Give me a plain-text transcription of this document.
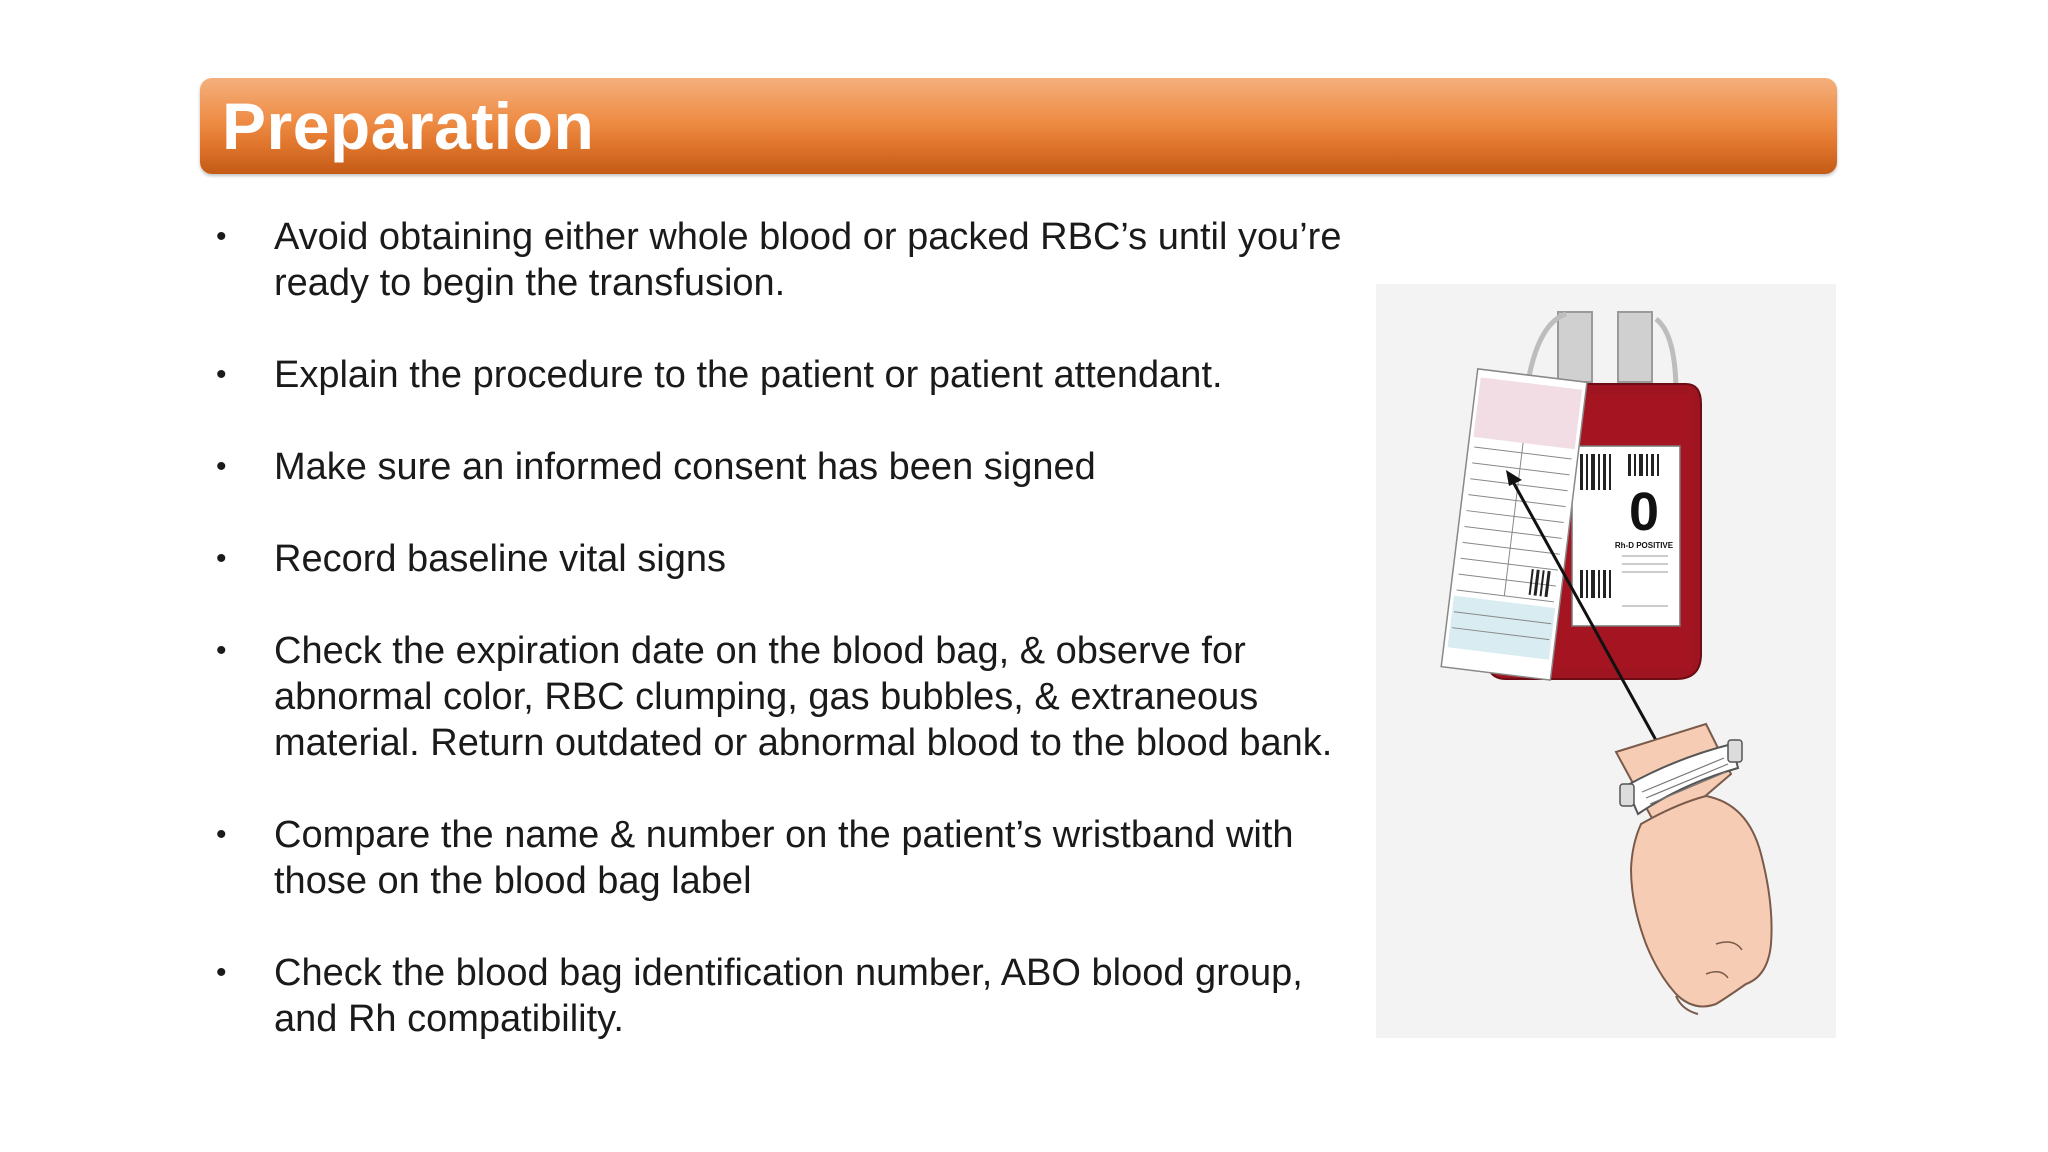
Preparation
• Avoid obtaining either whole blood or packed RBC’s until you’re ready to begin the transfusion.
• Explain the procedure to the patient or patient attendant.
• Make sure an informed consent has been signed
• Record baseline vital signs
• Check the expiration date on the blood bag, & observe for abnormal color, RBC clumping, gas bubbles, & extraneous material. Return outdated or abnormal blood to the blood bank.
• Compare the name & number on the patient’s wristband with those on the blood bag label
• Check the blood bag identification number, ABO blood group, and Rh compatibility.
0
Rh-D POSITIVE
